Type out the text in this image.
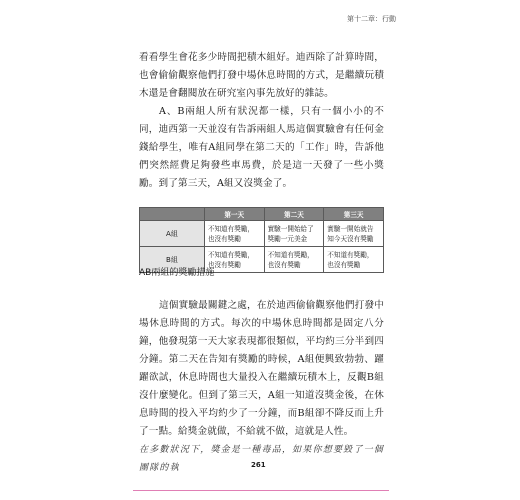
第十二章：行動

看看學生會花多少時間把積木組好。迪西除了計算時間，也會偷偷觀察他們打發中場休息時間的方式，是繼續玩積木還是會翻閱放在研究室內事先放好的雜誌。

A、B兩組人所有狀況都一樣，只有一個小小的不同，迪西第一天並沒有告訴兩組人馬這個實驗會有任何金錢給學生，唯有A組同學在第二天的「工作」時，告訴他們突然經費足夠發些車馬費，於是這一天發了一些小獎勵。到了第三天，A組又沒獎金了。

	第一天	第二天	第三天
A組	不知道有獎勵，也沒有獎勵	實驗一開始給了獎勵一元美金	實驗一開始就告知今天沒有獎勵
B組	不知道有獎勵，也沒有獎勵	不知道有獎勵，也沒有獎勵	不知道有獎勵，也沒有獎勵
AB兩組的獎勵措施

這個實驗最關鍵之處，在於迪西偷偷觀察他們打發中場休息時間的方式。每次的中場休息時間都是固定八分鐘，他發現第一天大家表現都很類似，平均約三分半到四分鐘。第二天在告知有獎勵的時候，A組便興致勃勃、躍躍欲試，休息時間也大量投入在繼續玩積木上，反觀B組沒什麼變化。但到了第三天，A組一知道沒獎金後，在休息時間的投入平均約少了一分鐘，而B組卻不降反而上升了一點。給獎金就做，不給就不做，這就是人性。
在多數狀況下，獎金是一種毒品，如果你想要毀了一個團隊的執	261
